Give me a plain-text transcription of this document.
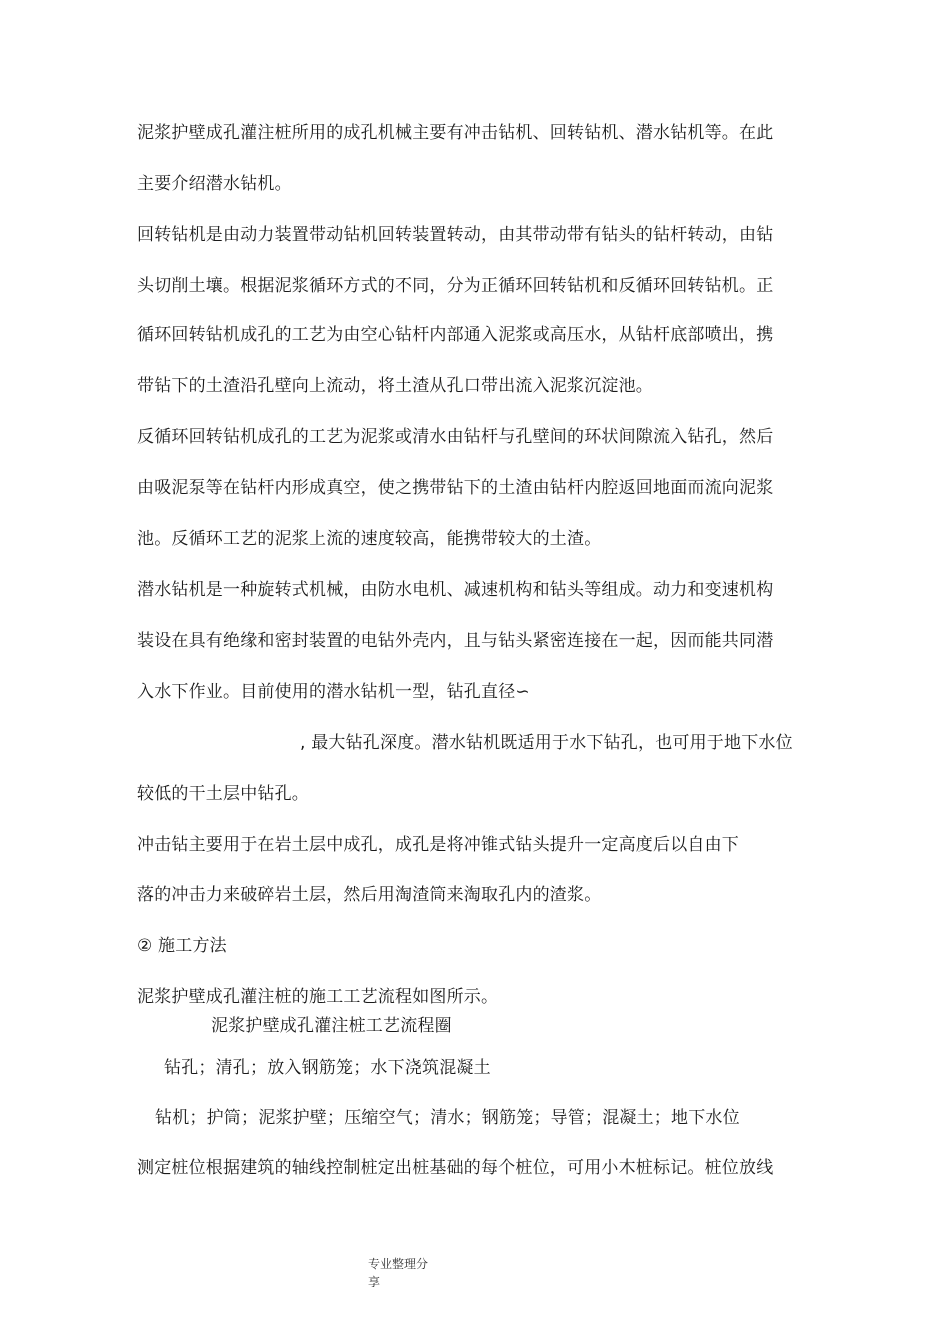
泥浆护壁成孔灌注桩所用的成孔机械主要有冲击钻机、回转钻机、潜水钻机等。在此
主要介绍潜水钻机。
回转钻机是由动力装置带动钻机回转装置转动，由其带动带有钻头的钻杆转动，由钻
头切削土壤。根据泥浆循环方式的不同，分为正循环回转钻机和反循环回转钻机。正
循环回转钻机成孔的工艺为由空心钻杆内部通入泥浆或高压水，从钻杆底部喷出，携
带钻下的土渣沿孔壁向上流动，将土渣从孔口带出流入泥浆沉淀池。
反循环回转钻机成孔的工艺为泥浆或清水由钻杆与孔壁间的环状间隙流入钻孔，然后
由吸泥泵等在钻杆内形成真空，使之携带钻下的土渣由钻杆内腔返回地面而流向泥浆
池。反循环工艺的泥浆上流的速度较高，能携带较大的土渣。
潜水钻机是一种旋转式机械，由防水电机、减速机构和钻头等组成。动力和变速机构
装设在具有绝缘和密封装置的电钻外壳内，且与钻头紧密连接在一起，因而能共同潜
入水下作业。目前使用的潜水钻机一型，钻孔直径∽
, 最大钻孔深度。潜水钻机既适用于水下钻孔，也可用于地下水位
较低的干土层中钻孔。
冲击钻主要用于在岩土层中成孔，成孔是将冲锥式钻头提升一定高度后以自由下
落的冲击力来破碎岩土层，然后用淘渣筒来淘取孔内的渣浆。
② 施工方法
泥浆护壁成孔灌注桩的施工工艺流程如图所示。
泥浆护壁成孔灌注桩工艺流程圈
钻孔；清孔；放入钢筋笼；水下浇筑混凝土
钻机；护筒；泥浆护壁；压缩空气；清水；钢筋笼；导管；混凝土；地下水位
测定桩位根据建筑的轴线控制桩定出桩基础的每个桩位，可用小木桩标记。桩位放线
专业整理分
享
